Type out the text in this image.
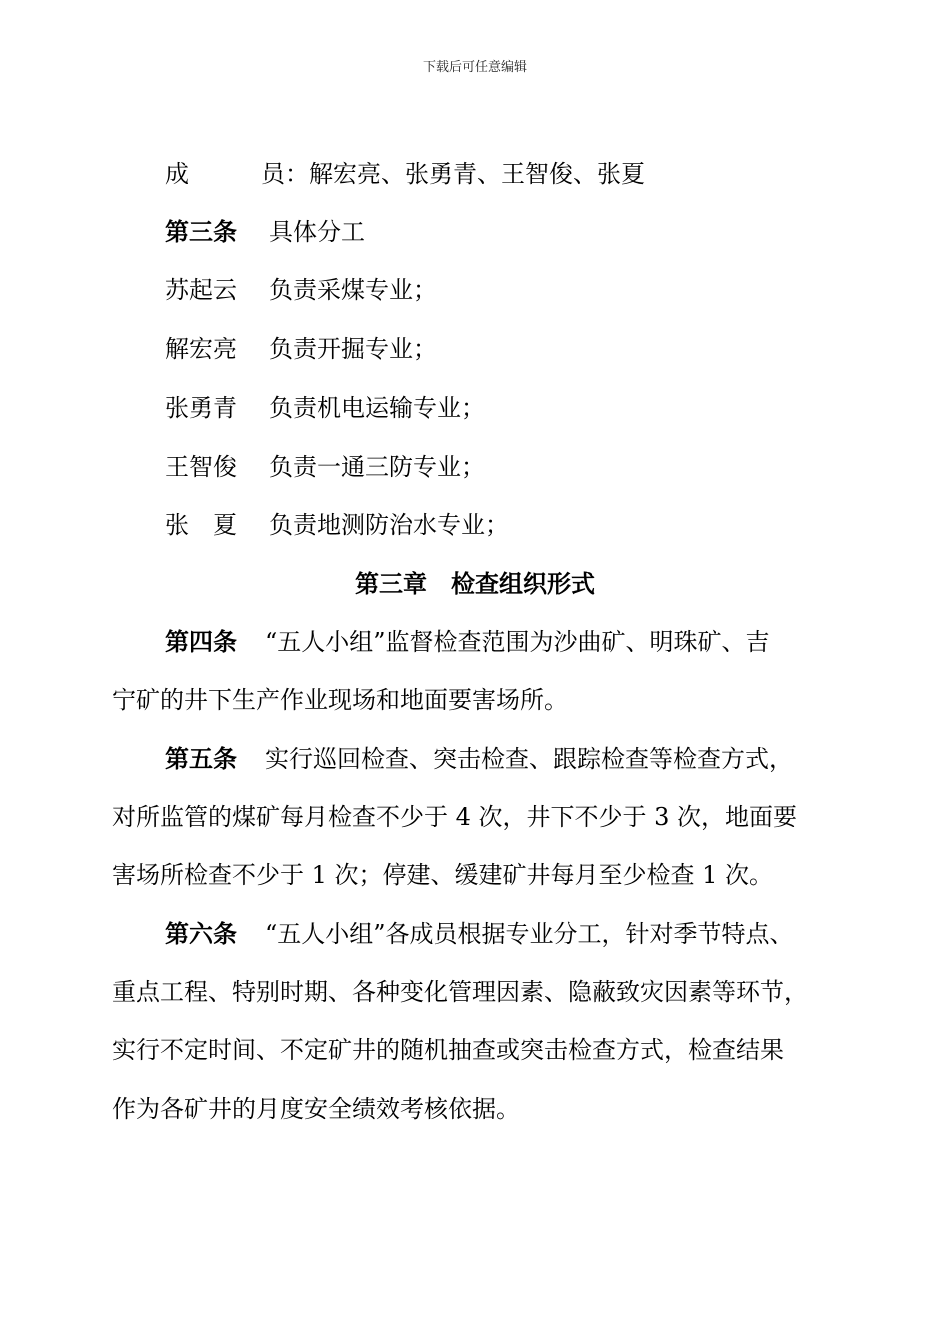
下载后可任意编辑
成	员：解宏亮、张勇青、王智俊、张夏
第三条 具体分工
苏起云 负责采煤专业；
解宏亮 负责开掘专业；
张勇青 负责机电运输专业；
王智俊 负责一通三防专业；
张　夏 负责地测防治水专业；
第三章　检查组织形式
第四条 “五人小组”监督检查范围为沙曲矿、明珠矿、吉
宁矿的井下生产作业现场和地面要害场所。
第五条 实行巡回检查、突击检查、跟踪检查等检查方式，
对所监管的煤矿每月检查不少于 4 次，井下不少于 3 次，地面要
害场所检查不少于 1 次；停建、缓建矿井每月至少检查 1 次。
第六条 “五人小组”各成员根据专业分工，针对季节特点、
重点工程、特别时期、各种变化管理因素、隐蔽致灾因素等环节，
实行不定时间、不定矿井的随机抽查或突击检查方式，检查结果
作为各矿井的月度安全绩效考核依据。
